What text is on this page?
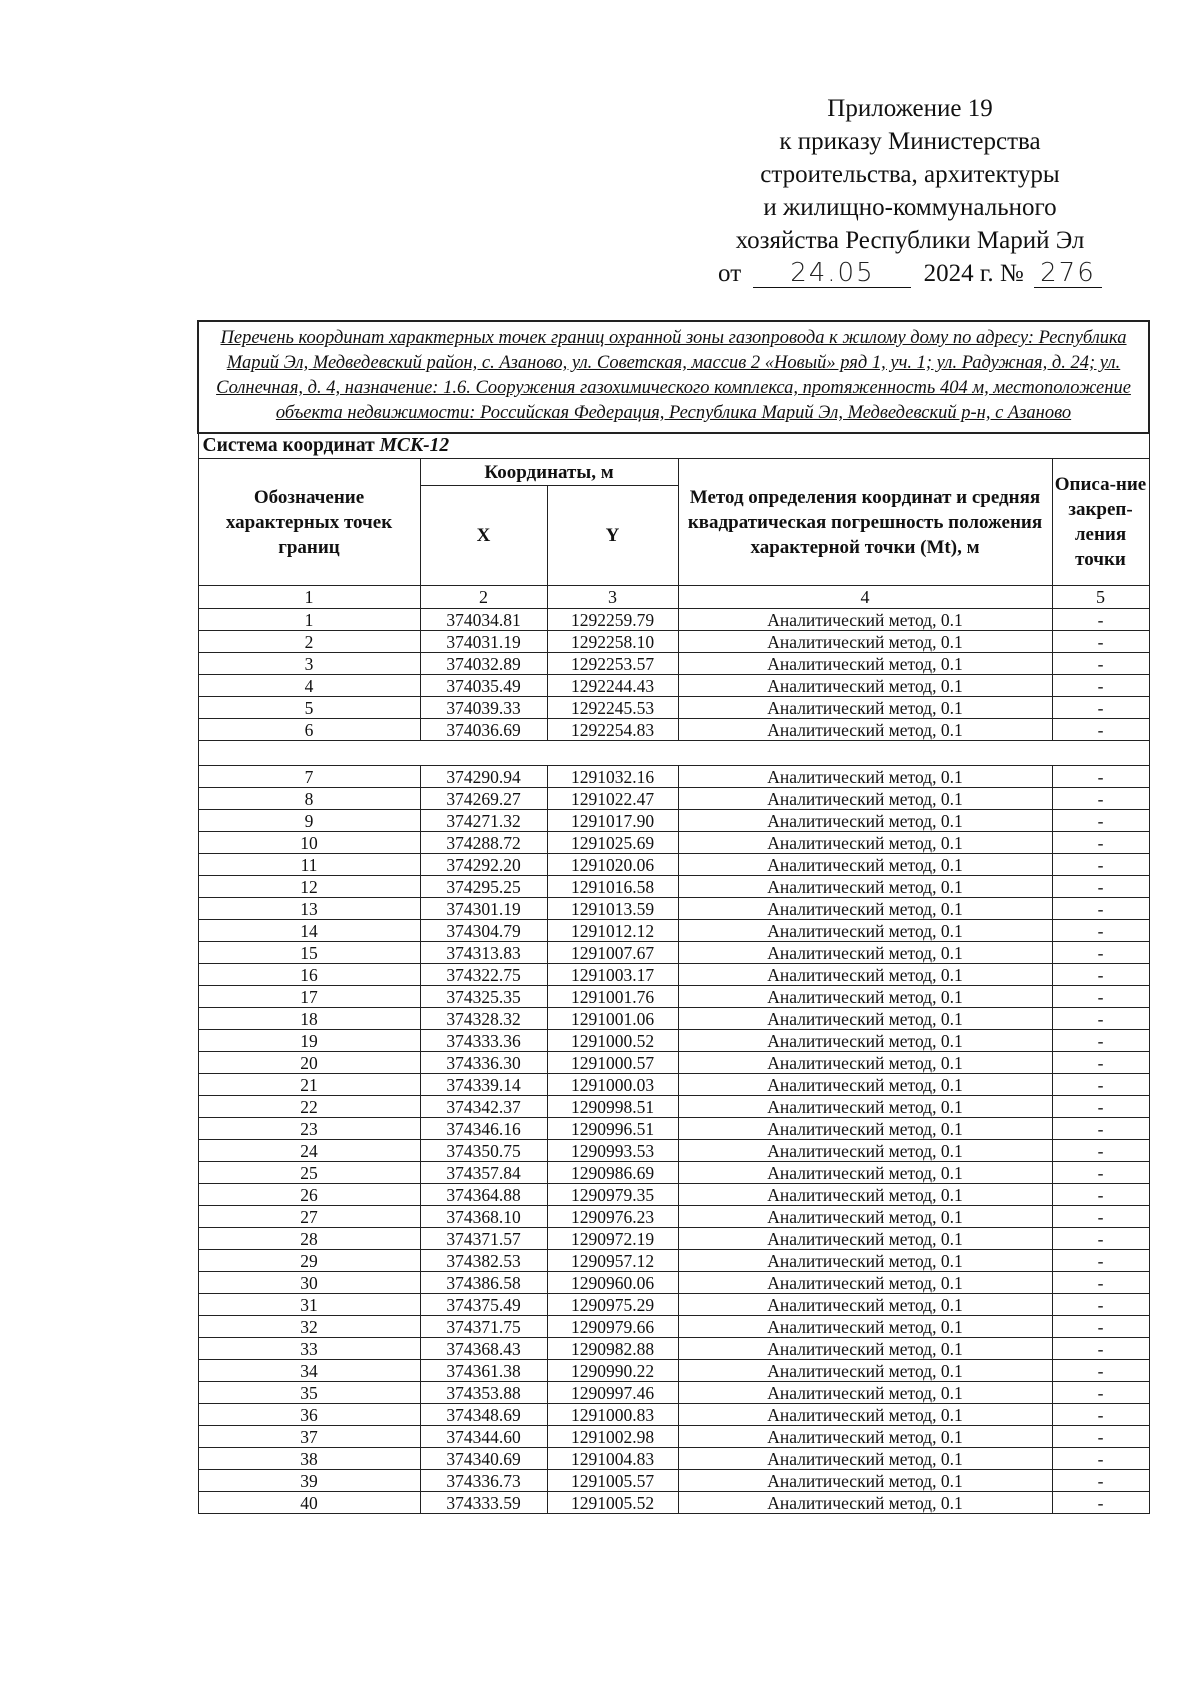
Приложение 19
к приказу Министерства
строительства, архитектуры
и жилищно-коммунального
хозяйства Республики Марий Эл
от 24.05 2024 г. № 276
Перечень координат характерных точек границ охранной зоны газопровода к жилому дому по адресу: Республика Марий Эл, Медведевский район, с. Азаново, ул. Советская, массив 2 «Новый» ряд 1, уч. 1; ул. Радужная, д. 24; ул. Солнечная, д. 4, назначение: 1.6. Сооружения газохимического комплекса, протяженность 404 м, местоположение объекта недвижимости: Российская Федерация, Республика Марий Эл, Медведевский р-н, с Азаново				
Система координат МСК-12				
Обозначение характерных точек границ	Координаты, м		Метод определения координат и средняя квадратическая погрешность положения характерной точки (Mt), м	Описа-ние закреп-ления точки
	X	Y		
1	2	3	4	5
1	374034.81	1292259.79	Аналитический метод, 0.1	-
2	374031.19	1292258.10	Аналитический метод, 0.1	-
3	374032.89	1292253.57	Аналитический метод, 0.1	-
4	374035.49	1292244.43	Аналитический метод, 0.1	-
5	374039.33	1292245.53	Аналитический метод, 0.1	-
6	374036.69	1292254.83	Аналитический метод, 0.1	-

7	374290.94	1291032.16	Аналитический метод, 0.1	-
8	374269.27	1291022.47	Аналитический метод, 0.1	-
9	374271.32	1291017.90	Аналитический метод, 0.1	-
10	374288.72	1291025.69	Аналитический метод, 0.1	-
11	374292.20	1291020.06	Аналитический метод, 0.1	-
12	374295.25	1291016.58	Аналитический метод, 0.1	-
13	374301.19	1291013.59	Аналитический метод, 0.1	-
14	374304.79	1291012.12	Аналитический метод, 0.1	-
15	374313.83	1291007.67	Аналитический метод, 0.1	-
16	374322.75	1291003.17	Аналитический метод, 0.1	-
17	374325.35	1291001.76	Аналитический метод, 0.1	-
18	374328.32	1291001.06	Аналитический метод, 0.1	-
19	374333.36	1291000.52	Аналитический метод, 0.1	-
20	374336.30	1291000.57	Аналитический метод, 0.1	-
21	374339.14	1291000.03	Аналитический метод, 0.1	-
22	374342.37	1290998.51	Аналитический метод, 0.1	-
23	374346.16	1290996.51	Аналитический метод, 0.1	-
24	374350.75	1290993.53	Аналитический метод, 0.1	-
25	374357.84	1290986.69	Аналитический метод, 0.1	-
26	374364.88	1290979.35	Аналитический метод, 0.1	-
27	374368.10	1290976.23	Аналитический метод, 0.1	-
28	374371.57	1290972.19	Аналитический метод, 0.1	-
29	374382.53	1290957.12	Аналитический метод, 0.1	-
30	374386.58	1290960.06	Аналитический метод, 0.1	-
31	374375.49	1290975.29	Аналитический метод, 0.1	-
32	374371.75	1290979.66	Аналитический метод, 0.1	-
33	374368.43	1290982.88	Аналитический метод, 0.1	-
34	374361.38	1290990.22	Аналитический метод, 0.1	-
35	374353.88	1290997.46	Аналитический метод, 0.1	-
36	374348.69	1291000.83	Аналитический метод, 0.1	-
37	374344.60	1291002.98	Аналитический метод, 0.1	-
38	374340.69	1291004.83	Аналитический метод, 0.1	-
39	374336.73	1291005.57	Аналитический метод, 0.1	-
40	374333.59	1291005.52	Аналитический метод, 0.1	-
